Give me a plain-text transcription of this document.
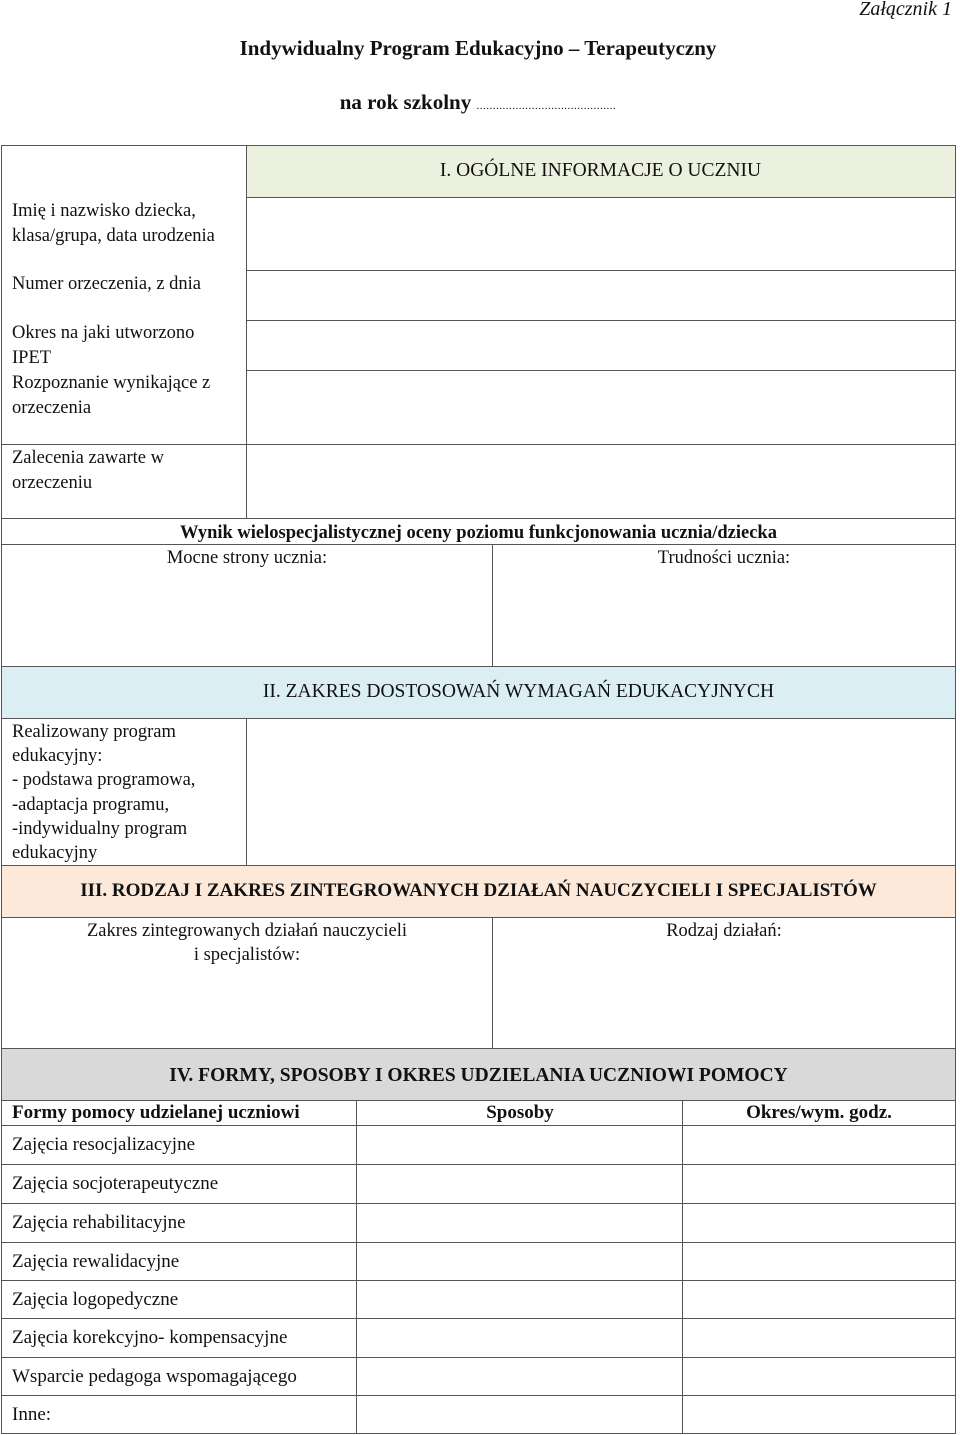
Załącznik 1
Indywidualny Program Edukacyjno – Terapeutyczny
na rok szkolny ...........................................
I. OGÓLNE INFORMACJE O UCZNIU
Imię i nazwisko dziecka, klasa/grupa, data urodzenia
Numer orzeczenia, z dnia
Okres na jaki utworzono IPET
Rozpoznanie wynikające z orzeczenia
Zalecenia zawarte w orzeczeniu
Wynik wielospecjalistycznej oceny poziomu funkcjonowania ucznia/dziecka
Mocne strony ucznia:	Trudności ucznia:
II. ZAKRES DOSTOSOWAŃ WYMAGAŃ EDUKACYJNYCH
Realizowany program
edukacyjny:
- podstawa programowa,
-adaptacja programu,
-indywidualny program
edukacyjny
III. RODZAJ I ZAKRES ZINTEGROWANYCH DZIAŁAŃ NAUCZYCIELI I SPECJALISTÓW
Zakres zintegrowanych działań nauczycieli
i specjalistów:
Rodzaj działań:
IV. FORMY, SPOSOBY I OKRES UDZIELANIA UCZNIOWI POMOCY
Formy pomocy udzielanej uczniowi	Sposoby	Okres/wym. godz.
Zajęcia resocjalizacyjne
Zajęcia socjoterapeutyczne
Zajęcia rehabilitacyjne
Zajęcia rewalidacyjne
Zajęcia logopedyczne
Zajęcia korekcyjno- kompensacyjne
Wsparcie pedagoga wspomagającego
Inne:
